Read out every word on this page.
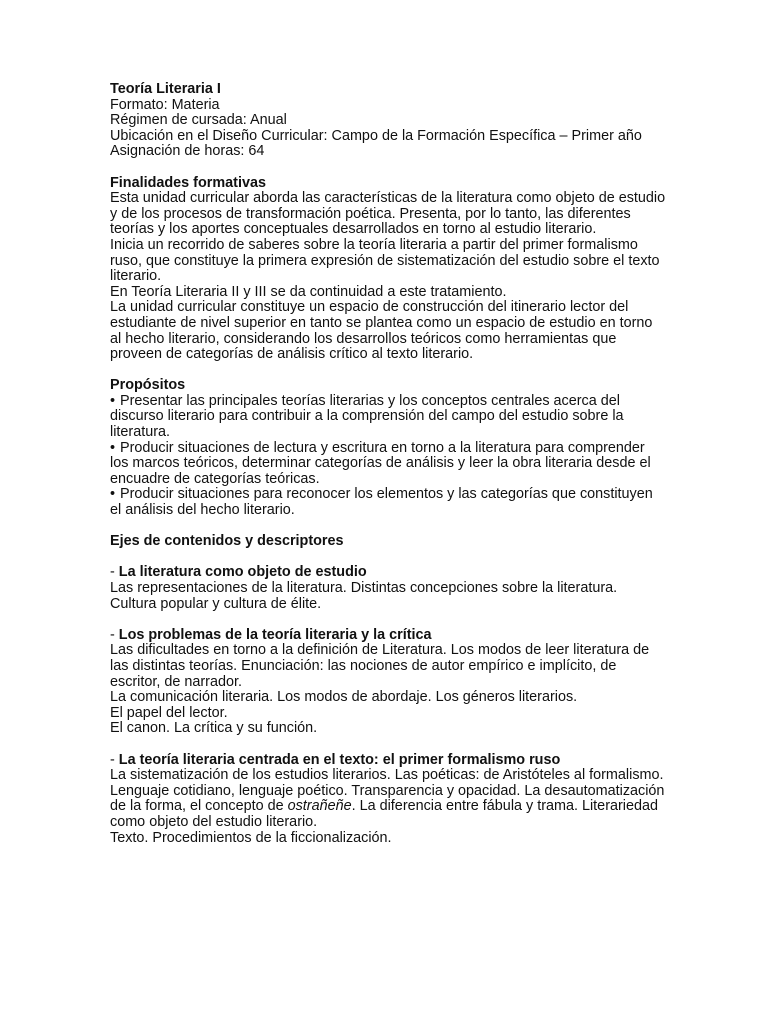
Teoría Literaria I
Formato: Materia
Régimen de cursada: Anual
Ubicación en el Diseño Curricular: Campo de la Formación Específica – Primer año
Asignación de horas: 64
Finalidades formativas
Esta unidad curricular aborda las características de la literatura como objeto de estudio
y de los procesos de transformación poética. Presenta, por lo tanto, las diferentes
teorías y los aportes conceptuales desarrollados en torno al estudio literario.
Inicia un recorrido de saberes sobre la teoría literaria a partir del primer formalismo
ruso, que constituye la primera expresión de sistematización del estudio sobre el texto
literario.
En Teoría Literaria II y III se da continuidad a este tratamiento.
La unidad curricular constituye un espacio de construcción del itinerario lector del
estudiante de nivel superior en tanto se plantea como un espacio de estudio en torno
al hecho literario, considerando los desarrollos teóricos como herramientas que
proveen de categorías de análisis crítico al texto literario.
Propósitos
• Presentar las principales teorías literarias y los conceptos centrales acerca del
discurso literario para contribuir a la comprensión del campo del estudio sobre la
literatura.
• Producir situaciones de lectura y escritura en torno a la literatura para comprender
los marcos teóricos, determinar categorías de análisis y leer la obra literaria desde el
encuadre de categorías teóricas.
• Producir situaciones para reconocer los elementos y las categorías que constituyen
el análisis del hecho literario.
Ejes de contenidos y descriptores
- La literatura como objeto de estudio
Las representaciones de la literatura. Distintas concepciones sobre la literatura.
Cultura popular y cultura de élite.
- Los problemas de la teoría literaria y la crítica
Las dificultades en torno a la definición de Literatura. Los modos de leer literatura de
las distintas teorías. Enunciación: las nociones de autor empírico e implícito, de
escritor, de narrador.
La comunicación literaria. Los modos de abordaje. Los géneros literarios.
El papel del lector.
El canon. La crítica y su función.
- La teoría literaria centrada en el texto: el primer formalismo ruso
La sistematización de los estudios literarios. Las poéticas: de Aristóteles al formalismo.
Lenguaje cotidiano, lenguaje poético. Transparencia y opacidad. La desautomatización
de la forma, el concepto de ostrañeñe. La diferencia entre fábula y trama. Literariedad
como objeto del estudio literario.
Texto. Procedimientos de la ficcionalización.
